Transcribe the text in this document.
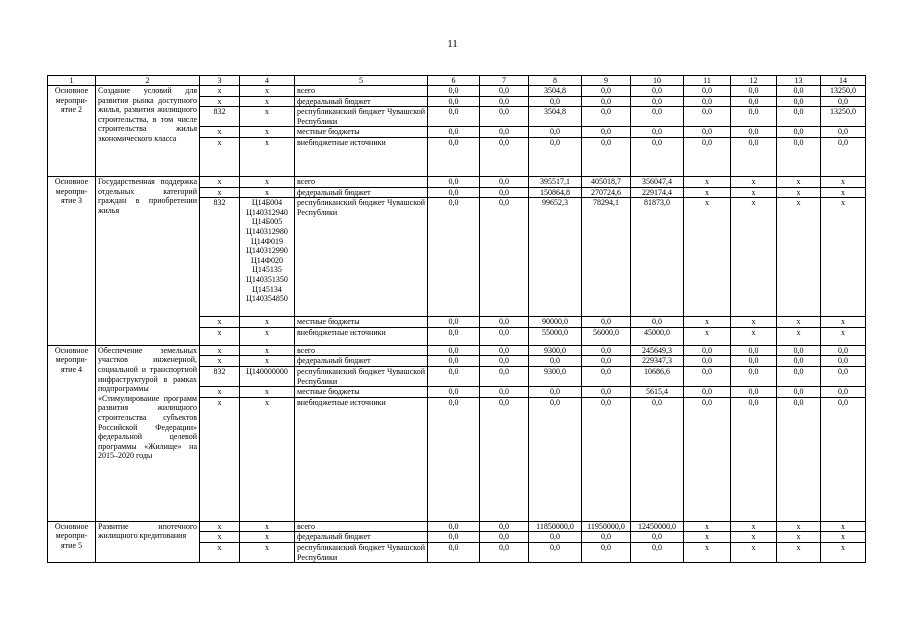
11
1	2	3	4	5	6	7	8	9	10	11	12	13	14
Основное меропри-ятие 2	Создание условий для развития рынка доступного жилья, развития жилищного строительства, в том числе строительства жилья экономического класса	x	x	всего	0,0	0,0	3504,8	0,0	0,0	0,0	0,0	0,0	13250,0
		x	x	федеральный бюджет	0,0	0,0	0,0	0,0	0,0	0,0	0,0	0,0	0,0
		832	x	республиканский бюджет Чувашской Республики	0,0	0,0	3504,8	0,0	0,0	0,0	0,0	0,0	13250,0
		x	x	местные бюджеты	0,0	0,0	0,0	0,0	0,0	0,0	0,0	0,0	0,0
		x	x	внебюджетные источники	0,0	0,0	0,0	0,0	0,0	0,0	0,0	0,0	0,0
Основное меропри-ятие 3	Государственная поддержка отдельных категорий граждан в приобретении жилья	x	x	всего	0,0	0,0	395517,1	405018,7	356047,4	x	x	x	x
		x	x	федеральный бюджет	0,0	0,0	150864,8	270724,6	229174,4	x	x	x	x
		832	Ц14Б004 Ц140312940 Ц14Б005 Ц140312980 Ц14Ф019 Ц140312990 Ц14Ф020 Ц145135 Ц140351350 Ц145134 Ц140354850	республиканский бюджет Чувашской Республики	0,0	0,0	99652,3	78294,1	81873,0	x	x	x	x
		x	x	местные бюджеты	0,0	0,0	90000,0	0,0	0,0	x	x	x	x
		x	x	внебюджетные источники	0,0	0,0	55000,0	56000,0	45000,0	x	x	x	x
Основное меропри-ятие 4	Обеспечение земельных участков инженерной, социальной и транспортной инфраструктурой в рамках подпрограммы «Стимулирование программ развития жилищного строительства субъектов Российской Федерации» федеральной целевой программы «Жилище» на 2015–2020 годы	x	x	всего	0,0	0,0	9300,0	0,0	245649,3	0,0	0,0	0,0	0,0
		x	x	федеральный бюджет	0,0	0,0	0,0	0,0	229347,3	0,0	0,0	0,0	0,0
		832	Ц140000000	республиканский бюджет Чувашской Республики	0,0	0,0	9300,0	0,0	10686,6	0,0	0,0	0,0	0,0
		x	x	местные бюджеты	0,0	0,0	0,0	0,0	5615,4	0,0	0,0	0,0	0,0
		x	x	внебюджетные источники	0,0	0,0	0,0	0,0	0,0	0,0	0,0	0,0	0,0
Основное меропри-ятие 5	Развитие ипотечного жилищного кредитования	x	x	всего	0,0	0,0	11850000,0	11950000,0	12450000,0	x	x	x	x
		x	x	федеральный бюджет	0,0	0,0	0,0	0,0	0,0	x	x	x	x
		x	x	республиканский бюджет Чувашской Республики	0,0	0,0	0,0	0,0	0,0	x	x	x	x
